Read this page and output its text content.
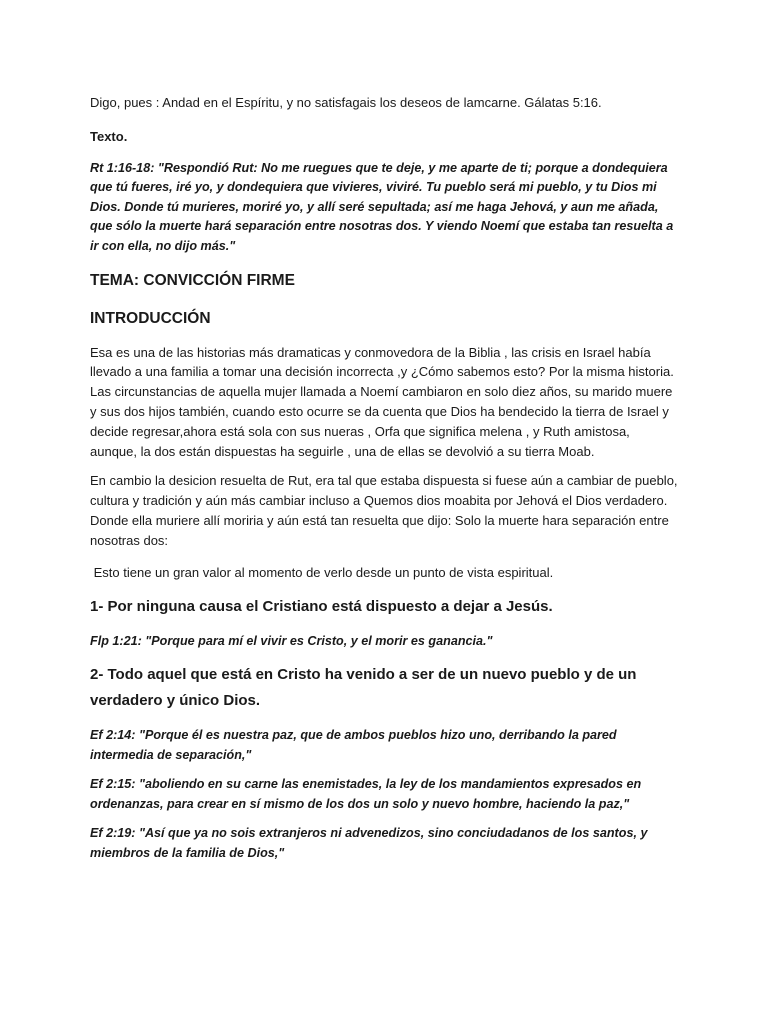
Digo, pues : Andad en el Espíritu, y no satisfagais los deseos de lamcarne. Gálatas 5:16.

Texto.

Rt 1:16-18: "Respondió Rut: No me ruegues que te deje, y me aparte de ti; porque a dondequiera que tú fueres, iré yo, y dondequiera que vivieres, viviré. Tu pueblo será mi pueblo, y tu Dios mi Dios. Donde tú murieres, moriré yo, y allí seré sepultada; así me haga Jehová, y aun me añada, que sólo la muerte hará separación entre nosotras dos. Y viendo Noemí que estaba tan resuelta a ir con ella, no dijo más."

TEMA: CONVICCIÓN FIRME
INTRODUCCIÓN

Esa es una de las historias más dramaticas y conmovedora de la Biblia , las crisis en Israel había llevado a una familia a tomar una decisión incorrecta ,y ¿Cómo sabemos esto? Por la misma historia. Las circunstancias de aquella mujer llamada a Noemí cambiaron en solo diez años, su marido muere y sus dos hijos también, cuando esto ocurre se da cuenta que Dios ha bendecido la tierra de Israel y decide regresar,ahora está sola con sus nueras , Orfa que significa melena , y Ruth amistosa, aunque, la dos están dispuestas ha seguirle , una de ellas se devolvió a su tierra Moab.

En cambio la desicion resuelta de Rut, era tal que estaba dispuesta si fuese aún a cambiar de pueblo, cultura y tradición y aún más cambiar incluso a Quemos dios moabita por Jehová el Dios verdadero. Donde ella muriere allí moriria y aún está tan resuelta que dijo: Solo la muerte hara separación entre nosotras dos:

Esto tiene un gran valor al momento de verlo desde un punto de vista espiritual.

1- Por ninguna causa el Cristiano está dispuesto a dejar a Jesús.

Flp 1:21: "Porque para mí el vivir es Cristo, y el morir es ganancia."

2- Todo aquel que está en Cristo ha venido a ser de un nuevo pueblo y de un verdadero y único Dios.

Ef 2:14: "Porque él es nuestra paz, que de ambos pueblos hizo uno, derribando la pared intermedia de separación,"

Ef 2:15: "aboliendo en su carne las enemistades, la ley de los mandamientos expresados en ordenanzas, para crear en sí mismo de los dos un solo y nuevo hombre, haciendo la paz,"

Ef 2:19: "Así que ya no sois extranjeros ni advenedizos, sino conciudadanos de los santos, y miembros de la familia de Dios,"
